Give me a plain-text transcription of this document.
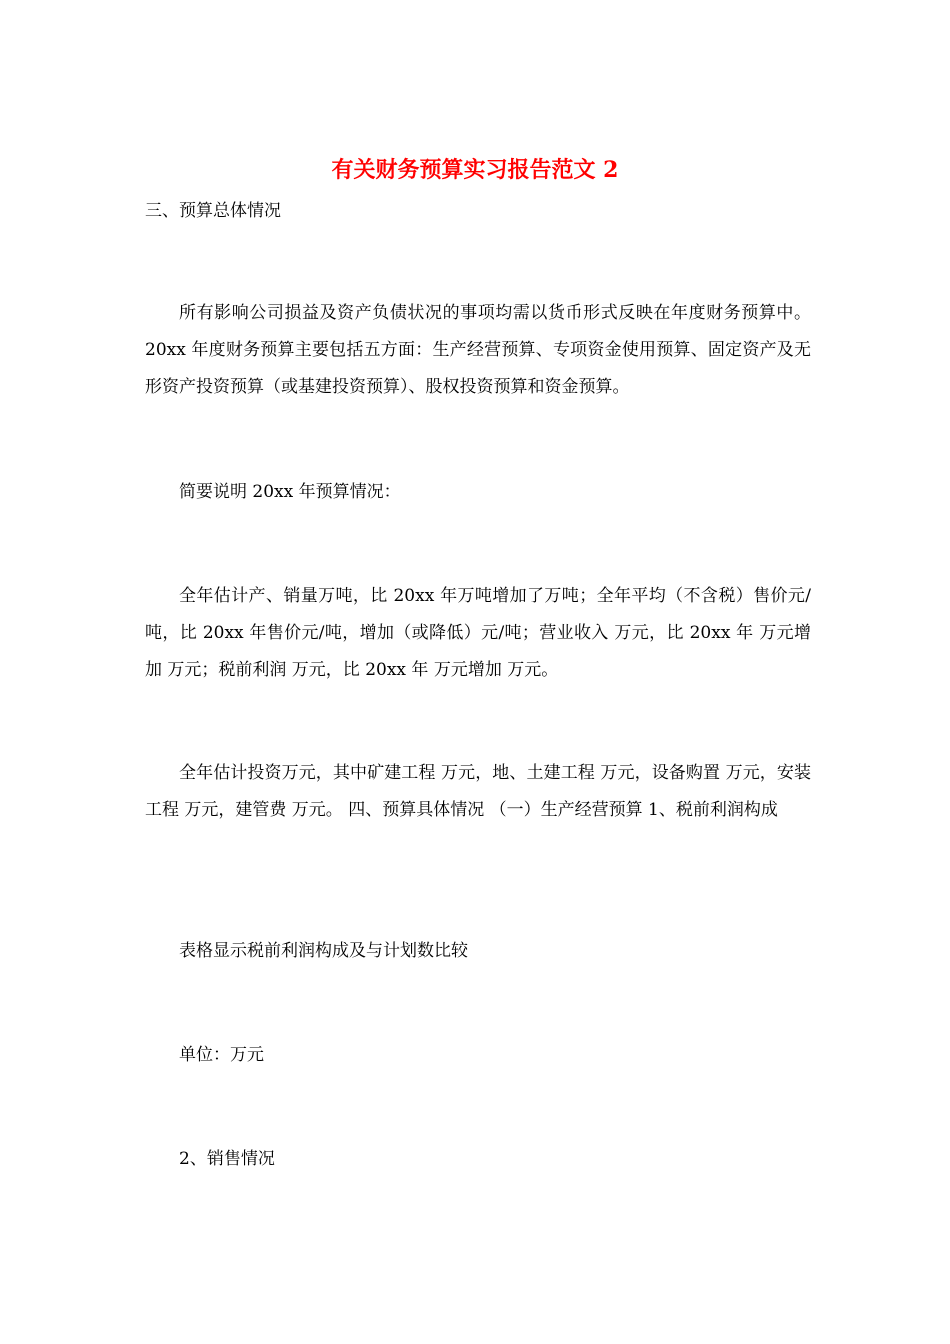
有关财务预算实习报告范文 2

三、预算总体情况

所有影响公司损益及资产负债状况的事项均需以货币形式反映在年度财务预算中。20xx 年度财务预算主要包括五方面：生产经营预算、专项资金使用预算、固定资产及无形资产投资预算（或基建投资预算）、股权投资预算和资金预算。

简要说明 20xx 年预算情况：

全年估计产、销量万吨，比 20xx 年万吨增加了万吨；全年平均（不含税）售价元/吨，比 20xx 年售价元/吨，增加（或降低）元/吨；营业收入 万元，比 20xx 年 万元增加 万元；税前利润 万元，比 20xx 年 万元增加 万元。

全年估计投资万元，其中矿建工程 万元，地、土建工程 万元，设备购置 万元，安装工程 万元，建管费 万元。 四、预算具体情况 （一）生产经营预算 1、税前利润构成

表格显示税前利润构成及与计划数比较

单位：万元

2、销售情况
